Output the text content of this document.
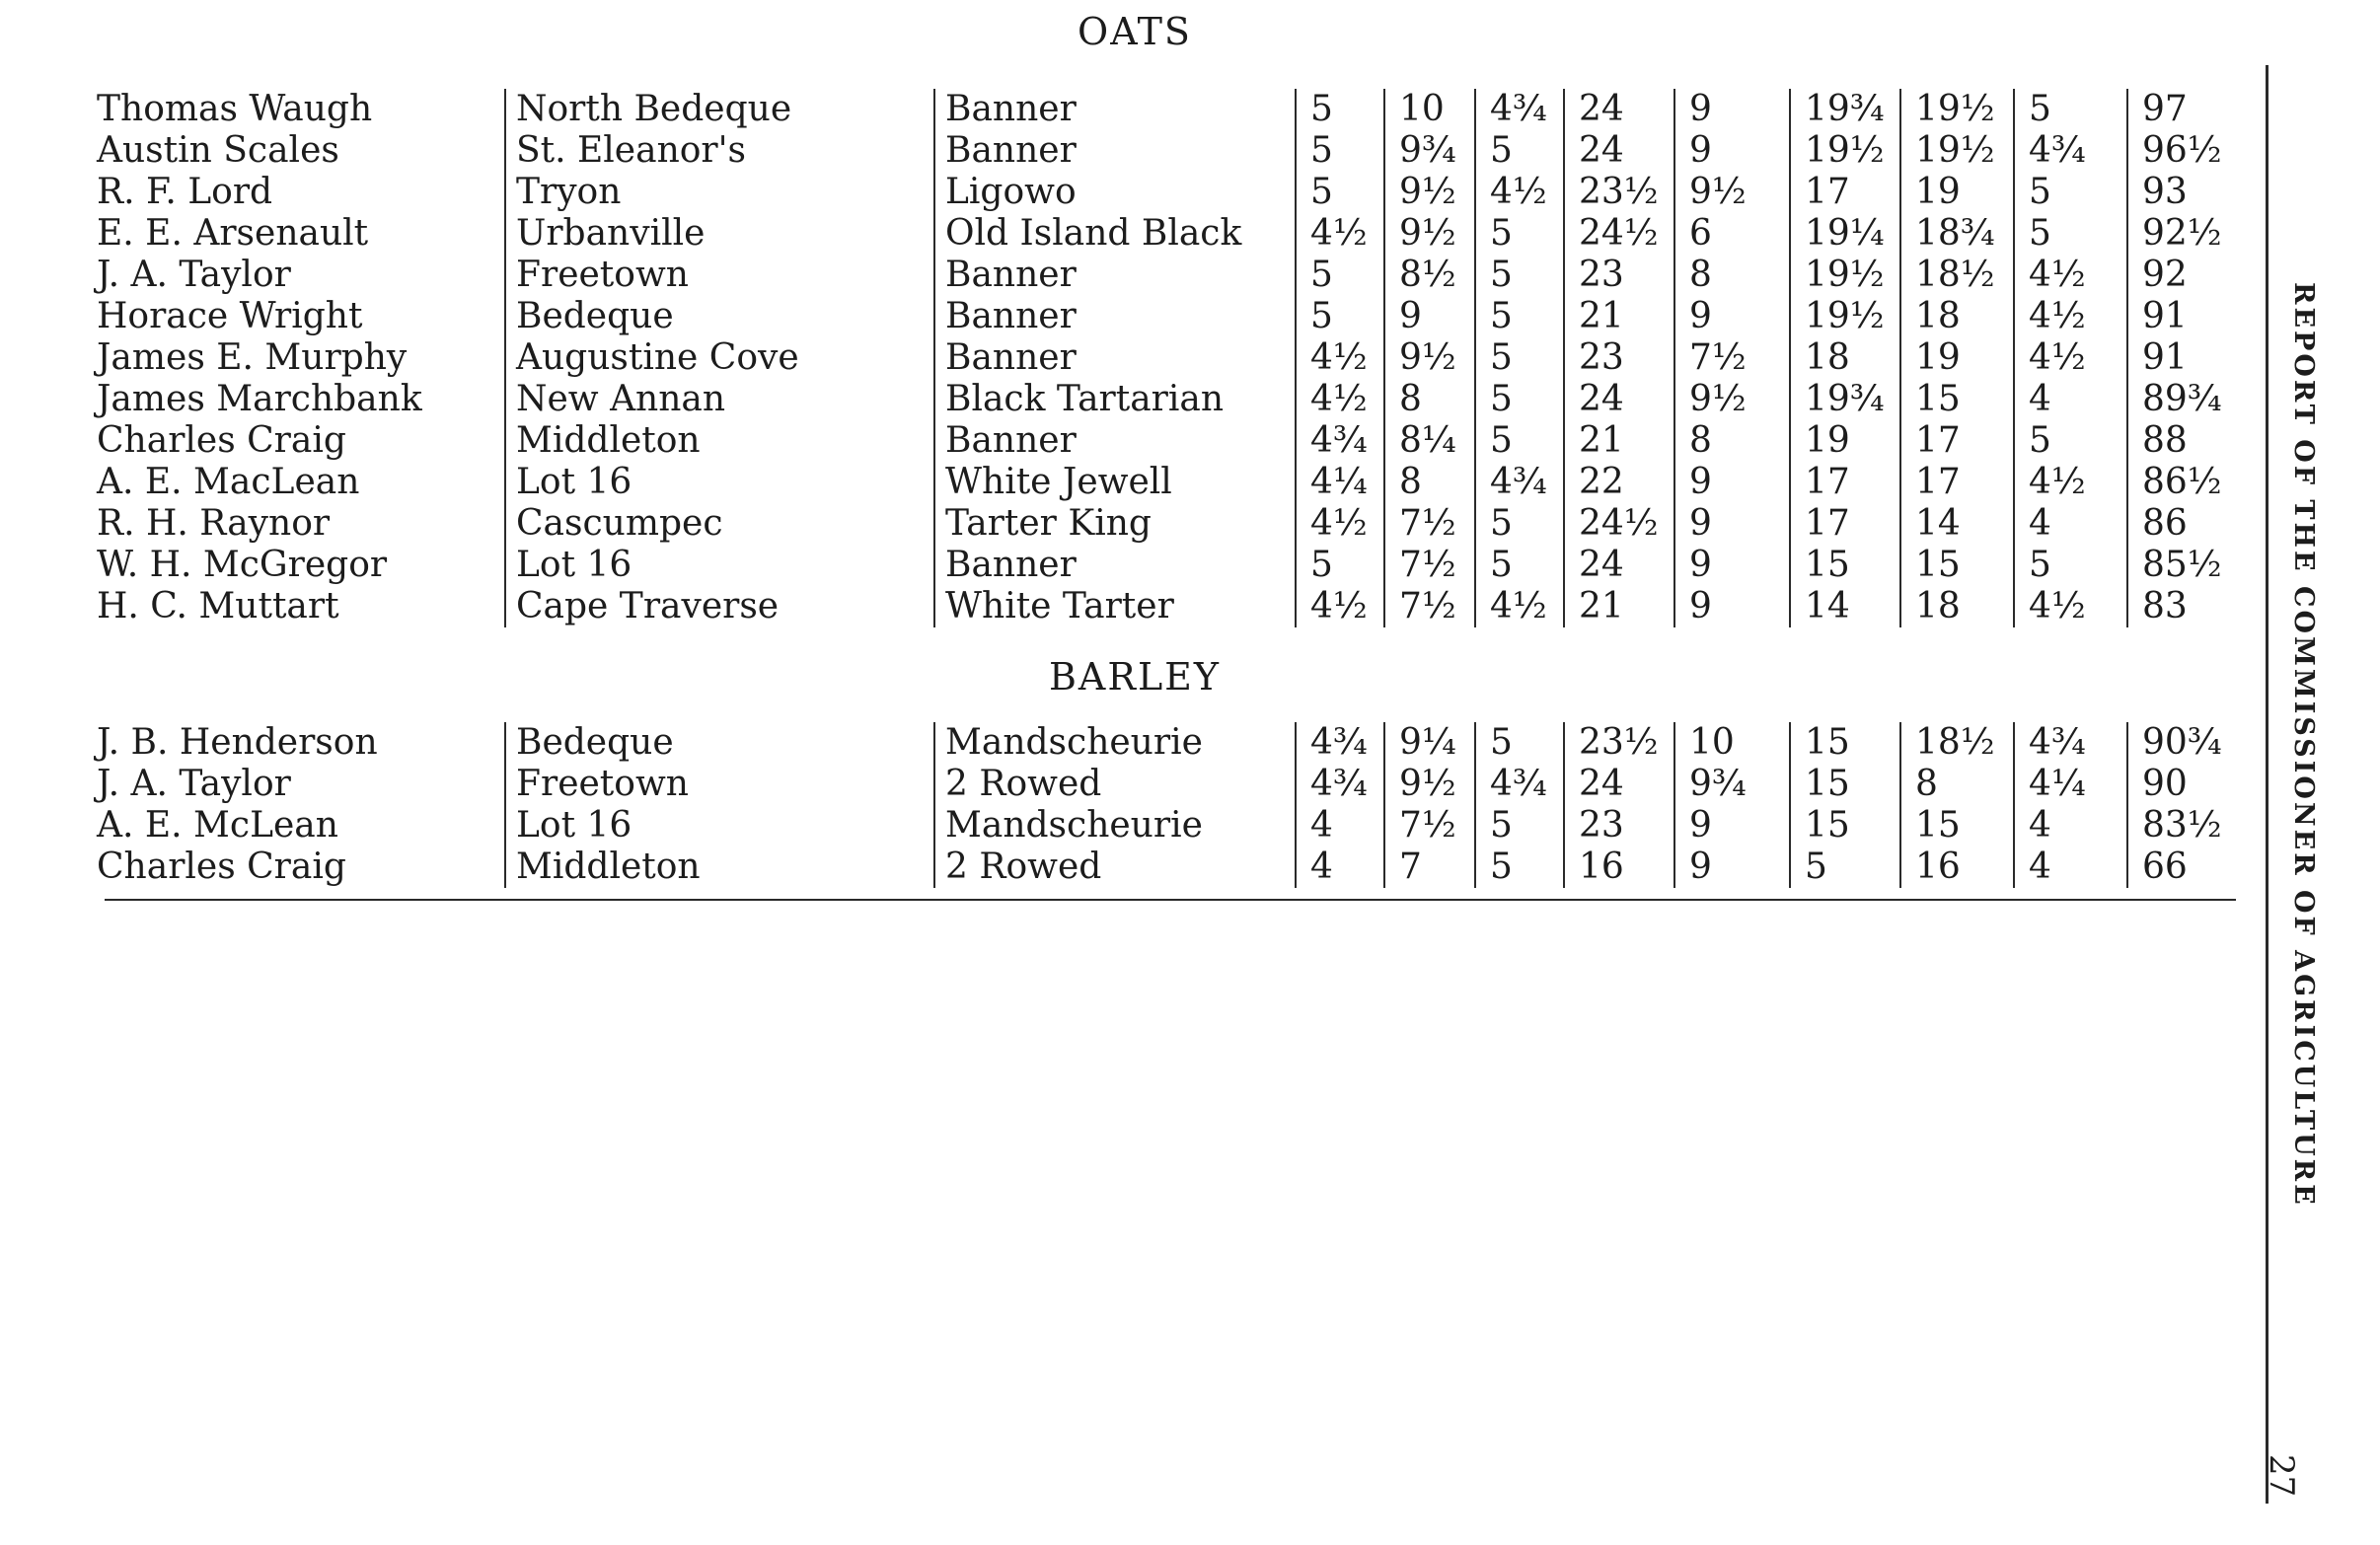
OATS
Thomas Waugh	North Bedeque	Banner	5	10	4¾	24	9	19¾	19½	5	97
Austin Scales	St. Eleanor's	Banner	5	9¾	5	24	9	19½	19½	4¾	96½
R. F. Lord	Tryon	Ligowo	5	9½	4½	23½	9½	17	19	5	93
E. E. Arsenault	Urbanville	Old Island Black	4½	9½	5	24½	6	19¼	18¾	5	92½
J. A. Taylor	Freetown	Banner	5	8½	5	23	8	19½	18½	4½	92
Horace Wright	Bedeque	Banner	5	9	5	21	9	19½	18	4½	91
James E. Murphy	Augustine Cove	Banner	4½	9½	5	23	7½	18	19	4½	91
James Marchbank	New Annan	Black Tartarian	4½	8	5	24	9½	19¾	15	4	89¾
Charles Craig	Middleton	Banner	4¾	8¼	5	21	8	19	17	5	88
A. E. MacLean	Lot 16	White Jewell	4¼	8	4¾	22	9	17	17	4½	86½
R. H. Raynor	Cascumpec	Tarter King	4½	7½	5	24½	9	17	14	4	86
W. H. McGregor	Lot 16	Banner	5	7½	5	24	9	15	15	5	85½
H. C. Muttart	Cape Traverse	White Tarter	4½	7½	4½	21	9	14	18	4½	83
BARLEY
J. B. Henderson	Bedeque	Mandscheurie	4¾	9¼	5	23½	10	15	18½	4¾	90¾
J. A. Taylor	Freetown	2 Rowed	4¾	9½	4¾	24	9¾	15	8	4¼	90
A. E. McLean	Lot 16	Mandscheurie	4	7½	5	23	9	15	15	4	83½
Charles Craig	Middleton	2 Rowed	4	7	5	16	9	5	16	4	66	REPORT OF THE COMMISSIONER OF AGRICULTURE
27
